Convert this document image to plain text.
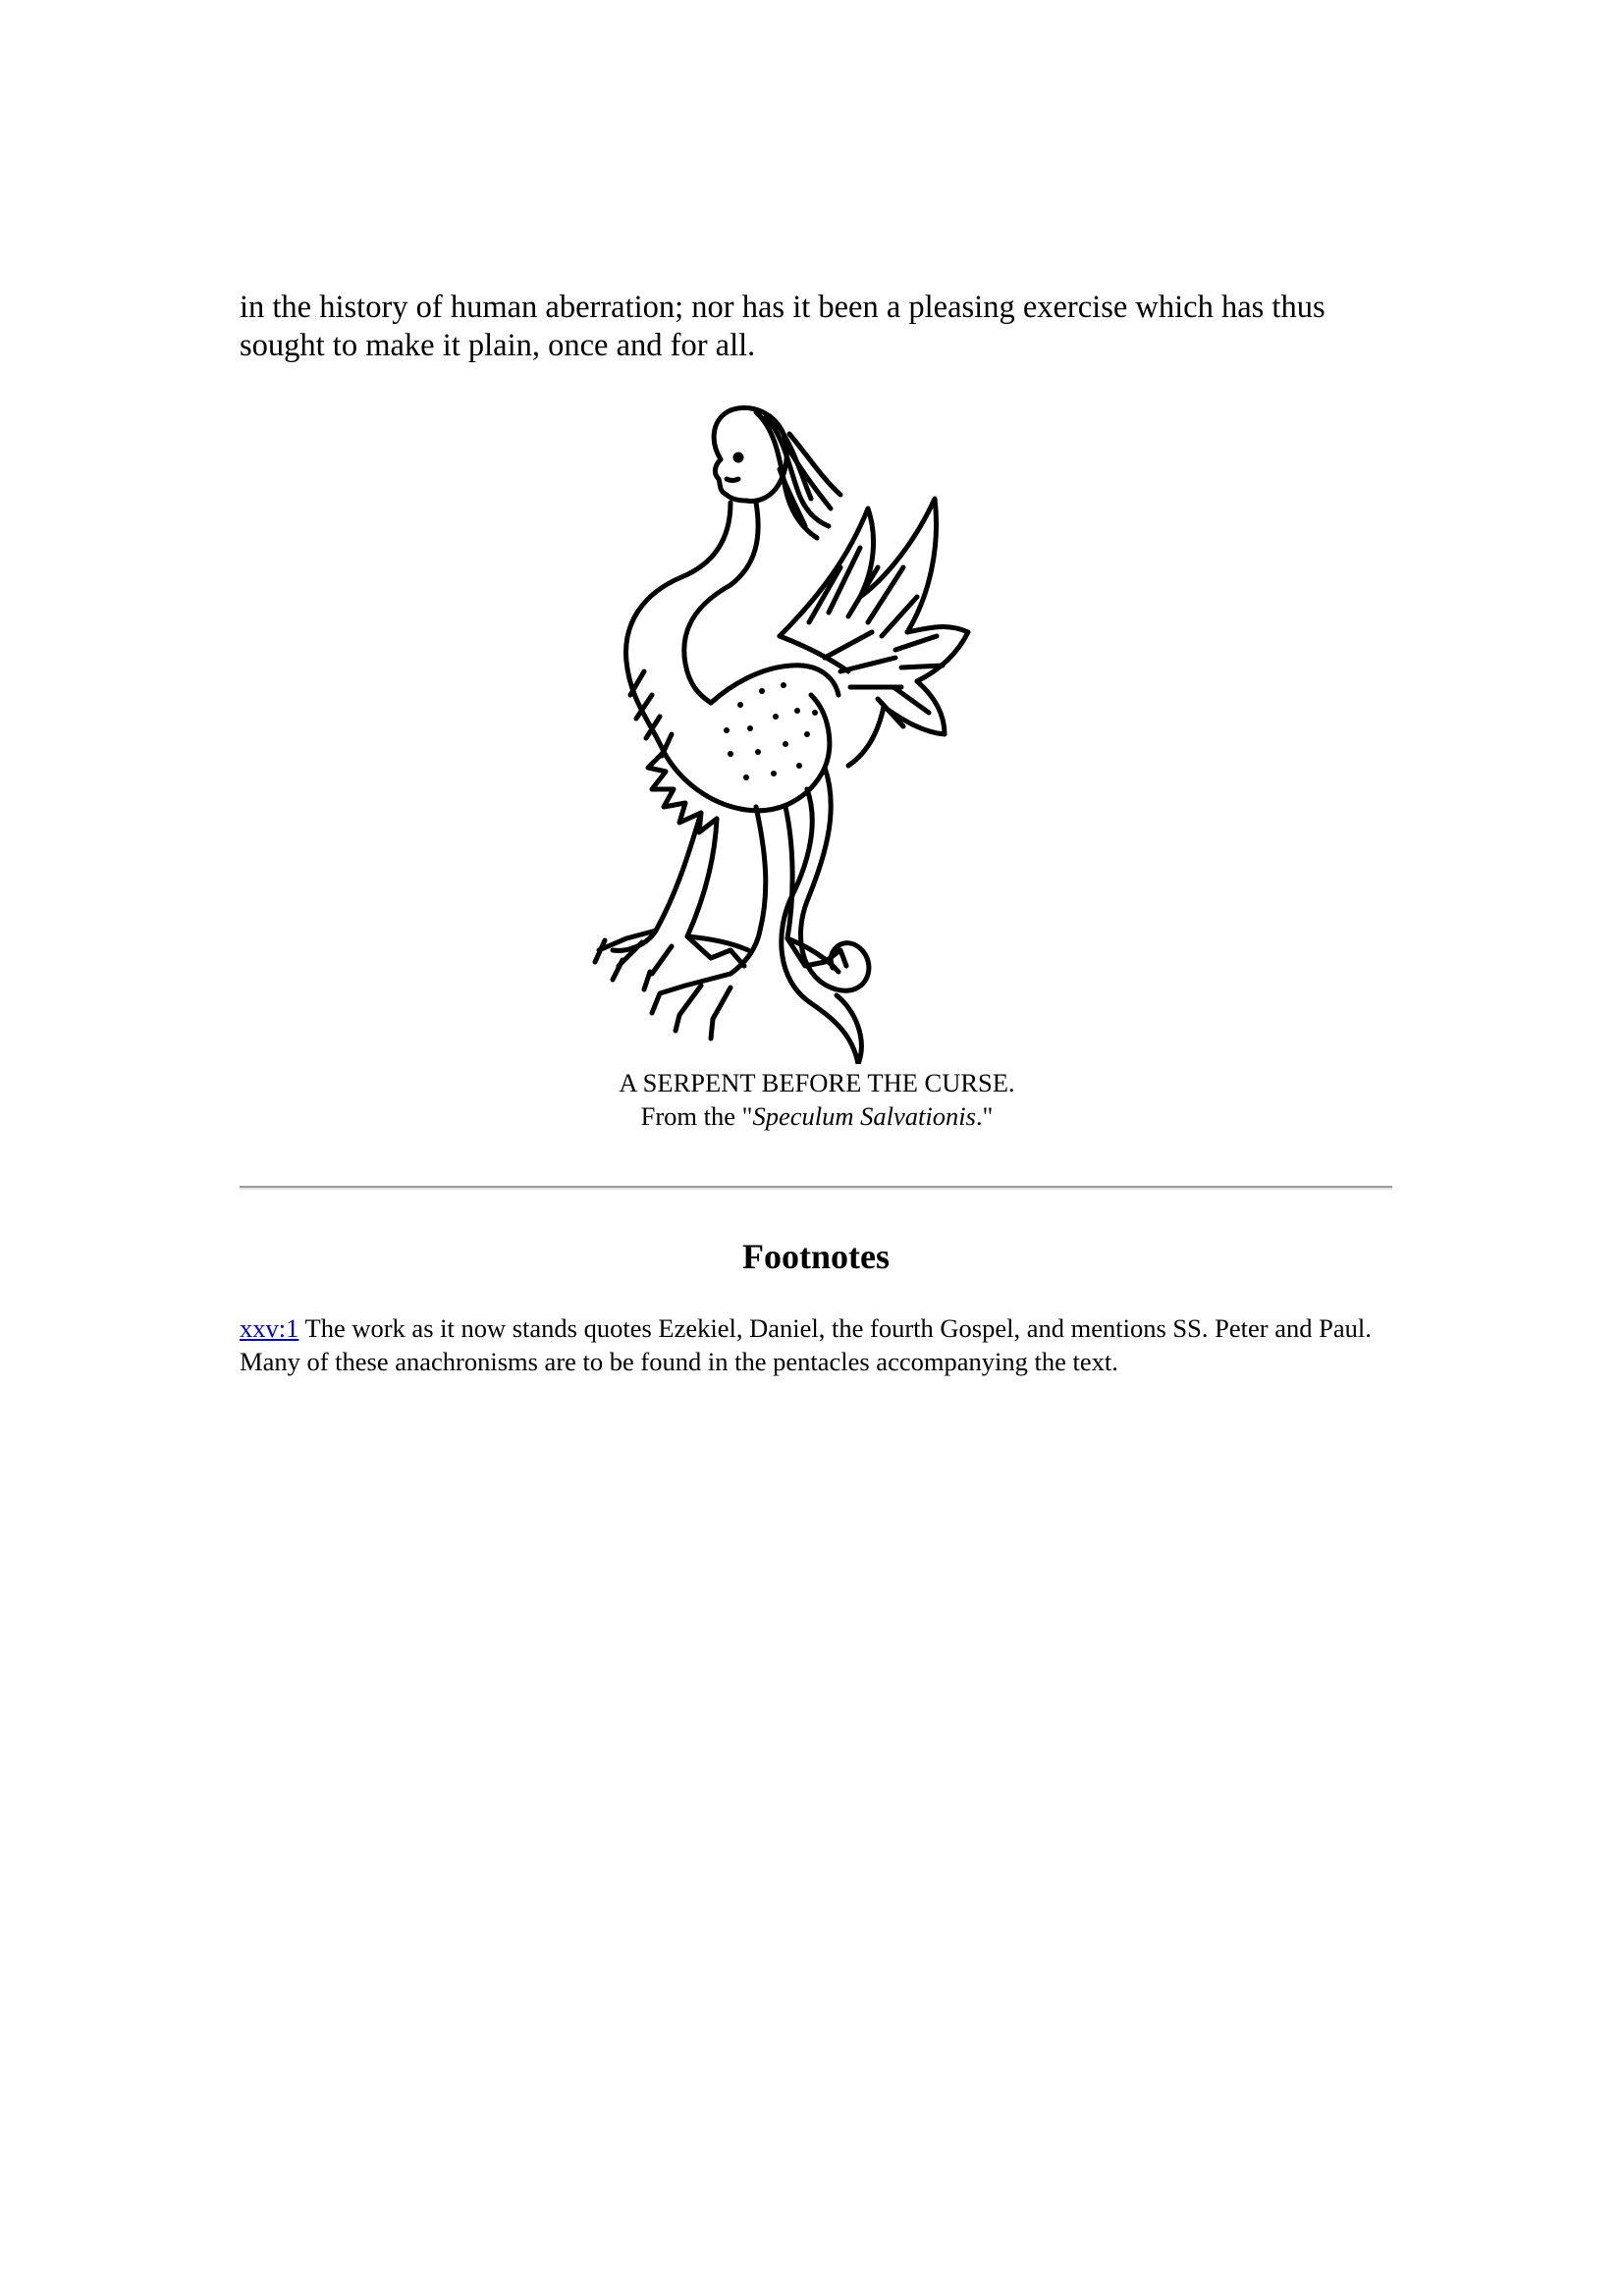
in the history of human aberration; nor has it been a pleasing exercise which has thus sought to make it plain, once and for all.

A SERPENT BEFORE THE CURSE.
From the "Speculum Salvationis."
Footnotes

xxv:1 The work as it now stands quotes Ezekiel, Daniel, the fourth Gospel, and mentions SS. Peter and Paul. Many of these anachronisms are to be found in the pentacles accompanying the text.
